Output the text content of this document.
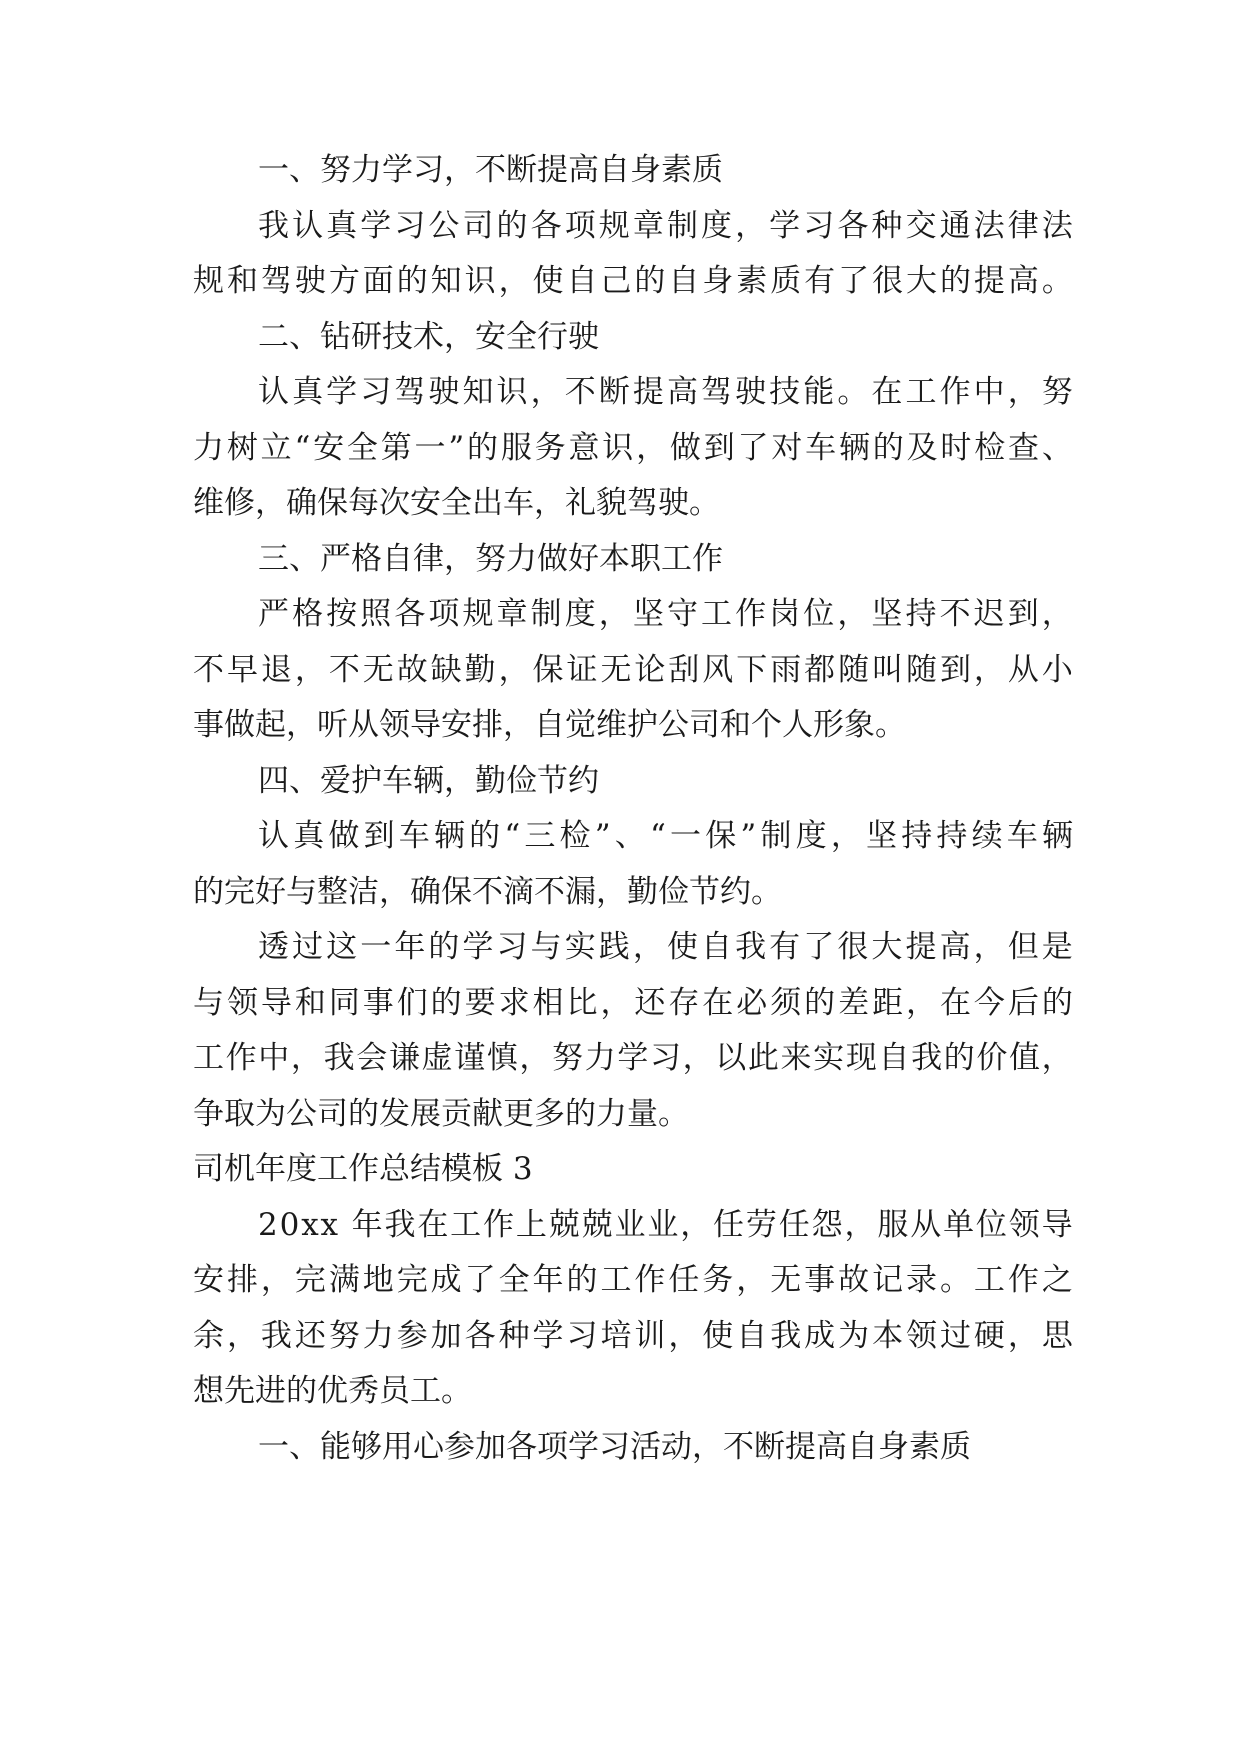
一、努力学习，不断提高自身素质

我 认 真 学 习 公 司 的 各 项 规 章 制 度 ， 学 习 各 种 交 通 法 律 法

规 和 驾 驶 方 面 的 知 识 ， 使 自 己 的 自 身 素 质 有 了 很 大 的 提 高 。

二、钻研技术，安全行驶

认 真 学 习 驾 驶 知 识 ， 不 断 提 高 驾 驶 技 能 。 在 工 作 中 ， 努

力 树 立 “ 安 全 第 一 ” 的 服 务 意 识 ， 做 到 了 对 车 辆 的 及 时 检 查 、

维修，确保每次安全出车，礼貌驾驶。

三、严格自律，努力做好本职工作

严 格 按 照 各 项 规 章 制 度 ， 坚 守 工 作 岗 位 ， 坚 持 不 迟 到 ，

不 早 退 ， 不 无 故 缺 勤 ， 保 证 无 论 刮 风 下 雨 都 随 叫 随 到 ， 从 小

事做起，听从领导安排，自觉维护公司和个人形象。

四、爱护车辆，勤俭节约

认 真 做 到 车 辆 的 “ 三 检 ” 、 “ 一 保 ” 制 度 ， 坚 持 持 续 车 辆

的完好与整洁，确保不滴不漏，勤俭节约。

透 过 这 一 年 的 学 习 与 实 践 ， 使 自 我 有 了 很 大 提 高 ， 但 是

与 领 导 和 同 事 们 的 要 求 相 比 ， 还 存 在 必 须 的 差 距 ， 在 今 后 的

工 作 中 ， 我 会 谦 虚 谨 慎 ， 努 力 学 习 ， 以 此 来 实 现 自 我 的 价 值 ，

争取为公司的发展贡献更多的力量。

司机年度工作总结模板 3

2 0 x x
年 我 在 工 作 上 兢 兢 业 业 ， 任 劳 任 怨 ， 服 从 单 位 领 导

安 排 ， 完 满 地 完 成 了 全 年 的 工 作 任 务 ， 无 事 故 记 录 。 工 作 之

余 ， 我 还 努 力 参 加 各 种 学 习 培 训 ， 使 自 我 成 为 本 领 过 硬 ， 思

想先进的优秀员工。

一、能够用心参加各项学习活动，不断提高自身素质
